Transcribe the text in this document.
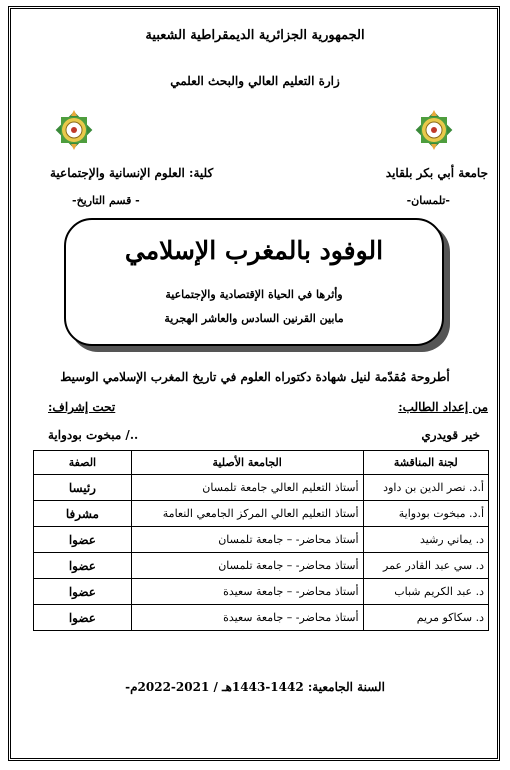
الجمهورية الجزائرية الديمقراطية الشعبية
زارة التعليم العالي والبحث العلمي
جامعة أبي بكر بلقايد
-تلمسان-
كلية: العلوم الإنسانية والإجتماعية
- قسم التاريخ-
الوفود بالمغرب الإسلامي
وأثرها في الحياة الإقتصادية والإجتماعية
مابين القرنين السادس والعاشر الهجرية
أطروحة مُقدّمة لنيل شهادة دكتوراه العلوم في تاريخ المغرب الإسلامي الوسيط
من إعداد الطالب:
تحت إشراف:
خير قويدري
../ مبخوت بودواية
لجنة المناقشة	الجامعة الأصلية	الصفة
أ.د. نصر الدين بن داود	أستاذ التعليم العالي جامعة تلمسان	رئيسا
أ.د. مبخوت بودواية	أستاذ التعليم العالي المركز الجامعي النعامة	مشرفا
د. يماني رشيد	أستاذ محاضر- – جامعة تلمسان	عضوا
د. سي عبد القادر عمر	أستاذ محاضر- – جامعة تلمسان	عضوا
د. عبد الكريم شباب	أستاذ محاضر- – جامعة سعيدة	عضوا
د. سكاكو مريم	أستاذ محاضر- – جامعة سعيدة	عضوا
السنة الجامعية: 1442-1443هـ / 2021-2022م-
